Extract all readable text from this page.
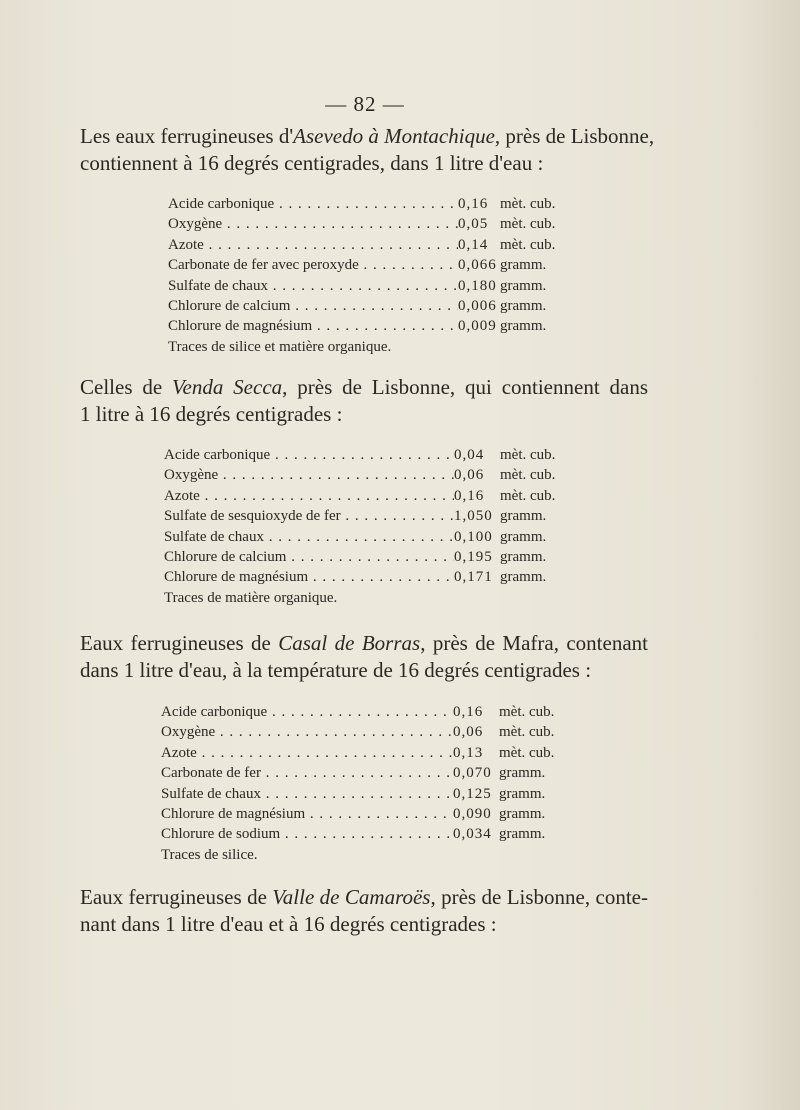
— 82 —
Les eaux ferrugineuses d'Asevedo à Montachique, près de Lisbonne,
contiennent à 16 degrés centigrades, dans 1 litre d'eau :
Acide carbonique . . .	0,16 mèt. cub.
Oxygène . . .	0,05 mèt. cub.
Azote . . .	0,14 mèt. cub.
Carbonate de fer avec peroxyde . . .	0,066 gramm.
Sulfate de chaux . . .	0,180 gramm.
Chlorure de calcium . . .	0,006 gramm.
Chlorure de magnésium . . .	0,009 gramm.
Traces de silice et matière organique.
Celles de Venda Secca, près de Lisbonne, qui contiennent dans
1 litre à 16 degrés centigrades :
Acide carbonique . . .	0,04	mèt. cub.
Oxygène . . .	0,06	mèt. cub.
Azote . . .	0,16	mèt. cub.
Sulfate de sesquioxyde de fer . . .	1,050 gramm.
Sulfate de chaux . . .	0,100 gramm.
Chlorure de calcium . . .	0,195 gramm.
Chlorure de magnésium . . .	0,171 gramm.
Traces de matière organique.
Eaux ferrugineuses de Casal de Borras, près de Mafra, contenant
dans 1 litre d'eau, à la température de 16 degrés centigrades :
Acide carbonique . . .	0,16	mèt. cub.
Oxygène . . .	0,06	mèt. cub.
Azote . . .	0,13	mèt. cub.
Carbonate de fer . . .	0,070 gramm.
Sulfate de chaux . . .	0,125 gramm.
Chlorure de magnésium . . .	0,090 gramm.
Chlorure de sodium . . .	0,034 gramm.
Traces de silice.
Eaux ferrugineuses de Valle de Camaroës, près de Lisbonne, conte-
nant dans 1 litre d'eau et à 16 degrés centigrades :
